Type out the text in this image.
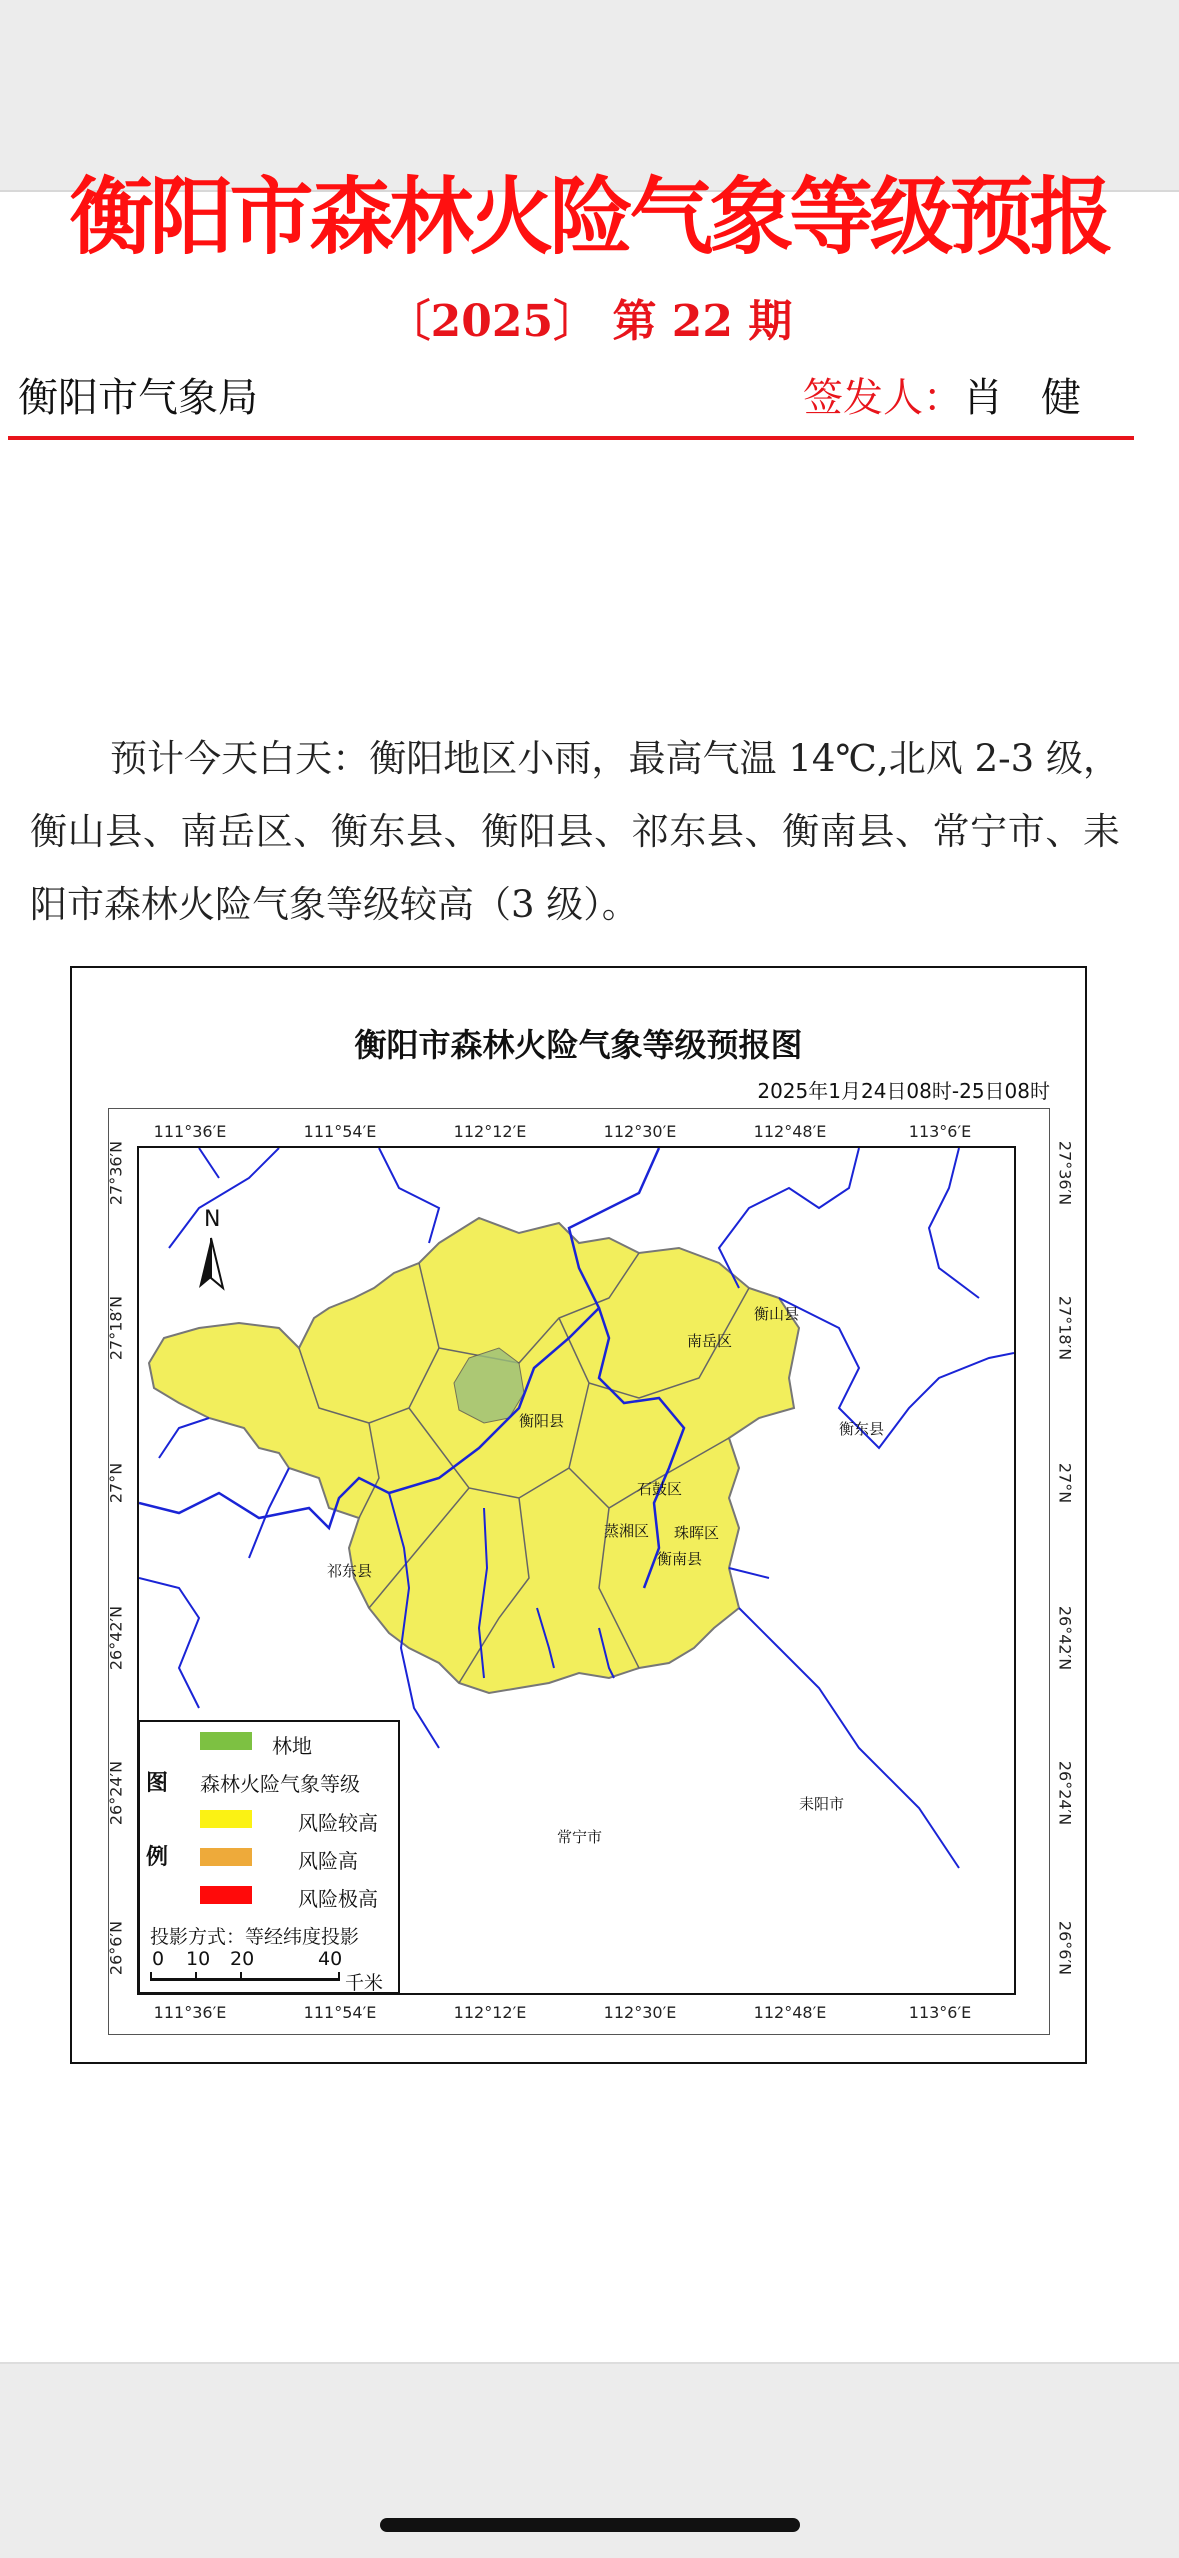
衡阳市森林火险气象等级预报
〔2025〕 第 22 期
衡阳市气象局	签发人：肖健

预计今天白天：衡阳地区小雨，最高气温 14℃,北风 2-3 级，衡山县、南岳区、衡东县、衡阳县、祁东县、衡南县、常宁市、耒阳市森林火险气象等级较高（3 级）。

衡阳市森林火险气象等级预报图
2025年1月24日08时-25日08时
111°36′E	111°54′E	112°12′E	112°30′E	112°48′E	113°6′E
111°36′E	111°54′E	112°12′E	112°30′E	112°48′E	113°6′E
27°36′N
27°18′N
27°N
26°42′N
26°24′N
26°6′N
27°36′N
27°18′N
27°N
26°42′N
26°24′N
26°6′N
N
衡山县
南岳区
衡阳县	衡东县
石鼓区
蒸湘区 珠晖区
衡南县
祁东县
常宁市
耒阳市
图
例
林地
森林火险气象等级
风险较高
风险高
风险极高
投影方式：等经纬度投影
0 10 20	40
千米
